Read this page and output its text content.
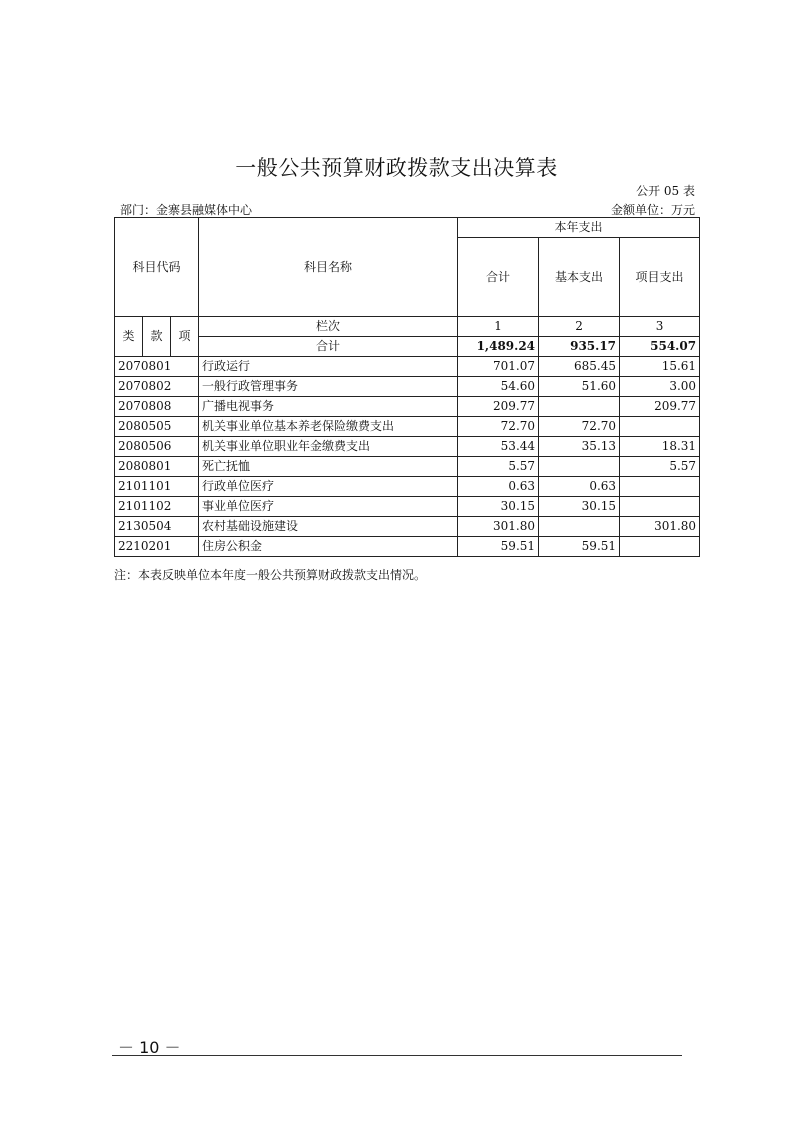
一般公共预算财政拨款支出决算表
公开 05 表
部门：金寨县融媒体中心	金额单位：万元
科目代码			科目名称	本年支出		
				合计	基本支出	项目支出
类	款	项	栏次	1	2	3
			合计	1,489.24	935.17	554.07
2070801			行政运行	701.07	685.45	15.61
2070802			一般行政管理事务	54.60	51.60	3.00
2070808			广播电视事务	209.77		209.77
2080505			机关事业单位基本养老保险缴费支出	72.70	72.70	
2080506			机关事业单位职业年金缴费支出	53.44	35.13	18.31
2080801			死亡抚恤	5.57		5.57
2101101			行政单位医疗	0.63	0.63	
2101102			事业单位医疗	30.15	30.15	
2130504			农村基础设施建设	301.80		301.80
2210201			住房公积金	59.51	59.51	
注：本表反映单位本年度一般公共预算财政拨款支出情况。
－ 10 －
